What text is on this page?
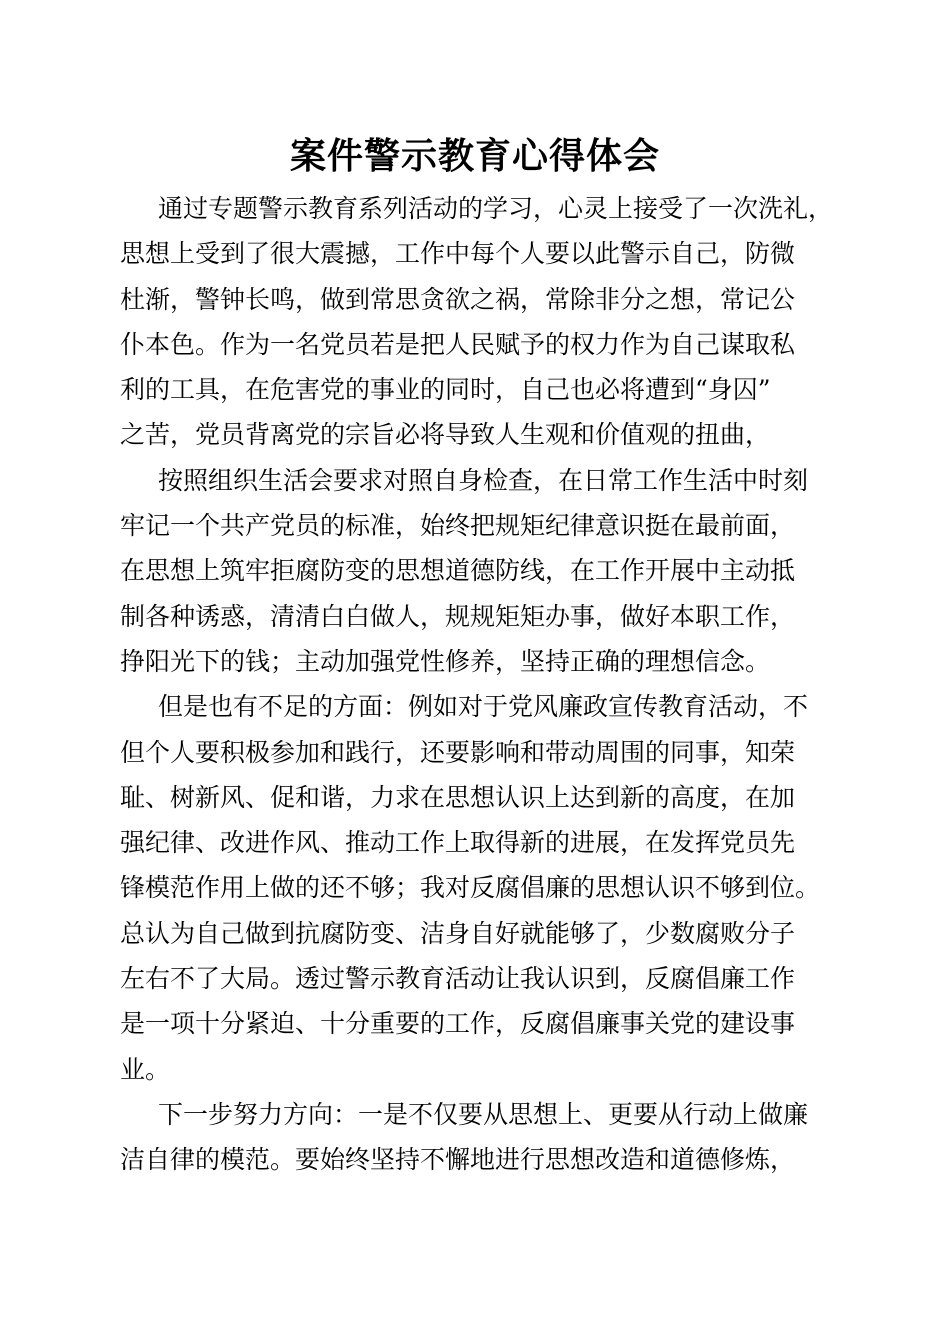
案件警示教育心得体会
通过专题警示教育系列活动的学习，心灵上接受了一次洗礼，
思想上受到了很大震撼，工作中每个人要以此警示自己，防微
杜渐，警钟长鸣，做到常思贪欲之祸，常除非分之想，常记公
仆本色。作为一名党员若是把人民赋予的权力作为自己谋取私
利的工具，在危害党的事业的同时，自己也必将遭到“身囚”
之苦，党员背离党的宗旨必将导致人生观和价值观的扭曲，
按照组织生活会要求对照自身检查，在日常工作生活中时刻
牢记一个共产党员的标准，始终把规矩纪律意识挺在最前面，
在思想上筑牢拒腐防变的思想道德防线，在工作开展中主动抵
制各种诱惑，清清白白做人，规规矩矩办事，做好本职工作，
挣阳光下的钱；主动加强党性修养，坚持正确的理想信念。
但是也有不足的方面：例如对于党风廉政宣传教育活动，不
但个人要积极参加和践行，还要影响和带动周围的同事，知荣
耻、树新风、促和谐，力求在思想认识上达到新的高度，在加
强纪律、改进作风、推动工作上取得新的进展，在发挥党员先
锋模范作用上做的还不够；我对反腐倡廉的思想认识不够到位。
总认为自己做到抗腐防变、洁身自好就能够了，少数腐败分子
左右不了大局。透过警示教育活动让我认识到，反腐倡廉工作
是一项十分紧迫、十分重要的工作，反腐倡廉事关党的建设事
业。
下一步努力方向：一是不仅要从思想上、更要从行动上做廉
洁自律的模范。要始终坚持不懈地进行思想改造和道德修炼，
